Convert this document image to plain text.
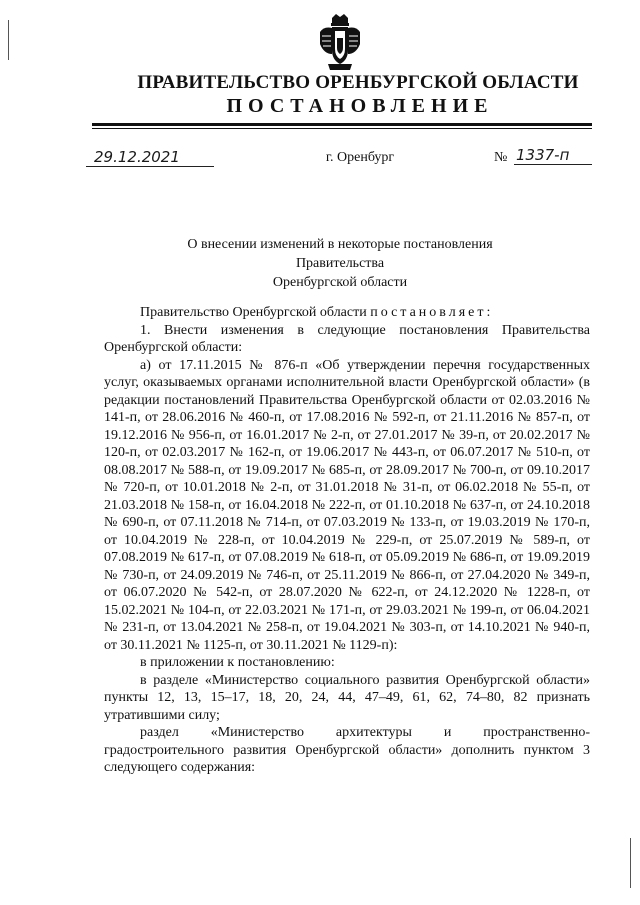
ПРАВИТЕЛЬСТВО ОРЕНБУРГСКОЙ ОБЛАСТИ
ПОСТАНОВЛЕНИЕ
29.12.2021	г. Оренбург	№ 1337-п
О внесении изменений в некоторые постановления Правительства
Оренбургской области

Правительство Оренбургской области постановляет:

1. Внести изменения в следующие постановления Правительства Оренбургской области:

а) от 17.11.2015 № 876-п «Об утверждении перечня государственных услуг, оказываемых органами исполнительной власти Оренбургской области» (в редакции постановлений Правительства Оренбургской области от 02.03.2016 № 141-п, от 28.06.2016 № 460-п, от 17.08.2016 № 592-п, от 21.11.2016 № 857-п, от 19.12.2016 № 956-п, от 16.01.2017 № 2-п, от 27.01.2017 № 39-п, от 20.02.2017 № 120-п, от 02.03.2017 № 162-п, от 19.06.2017 № 443-п, от 06.07.2017 № 510-п, от 08.08.2017 № 588-п, от 19.09.2017 № 685-п, от 28.09.2017 № 700-п, от 09.10.2017 № 720-п, от 10.01.2018 № 2-п, от 31.01.2018 № 31-п, от 06.02.2018 № 55-п, от 21.03.2018 № 158-п, от 16.04.2018 № 222-п, от 01.10.2018 № 637-п, от 24.10.2018 № 690-п, от 07.11.2018 № 714-п, от 07.03.2019 № 133-п, от 19.03.2019 № 170-п, от 10.04.2019 № 228-п, от 10.04.2019 № 229-п, от 25.07.2019 № 589-п, от 07.08.2019 № 617-п, от 07.08.2019 № 618-п, от 05.09.2019 № 686-п, от 19.09.2019 № 730-п, от 24.09.2019 № 746-п, от 25.11.2019 № 866-п, от 27.04.2020 № 349-п, от 06.07.2020 № 542-п, от 28.07.2020 № 622-п, от 24.12.2020 № 1228-п, от 15.02.2021 № 104-п, от 22.03.2021 № 171-п, от 29.03.2021 № 199-п, от 06.04.2021 № 231-п, от 13.04.2021 № 258-п, от 19.04.2021 № 303-п, от 14.10.2021 № 940-п, от 30.11.2021 № 1125-п, от 30.11.2021 № 1129-п):

в приложении к постановлению:

в разделе «Министерство социального развития Оренбургской области» пункты 12, 13, 15–17, 18, 20, 24, 44, 47–49, 61, 62, 74–80, 82 признать утратившими силу;

раздел «Министерство архитектуры и пространственно-градостроительного развития Оренбургской области» дополнить пунктом 3 следующего содержания:
